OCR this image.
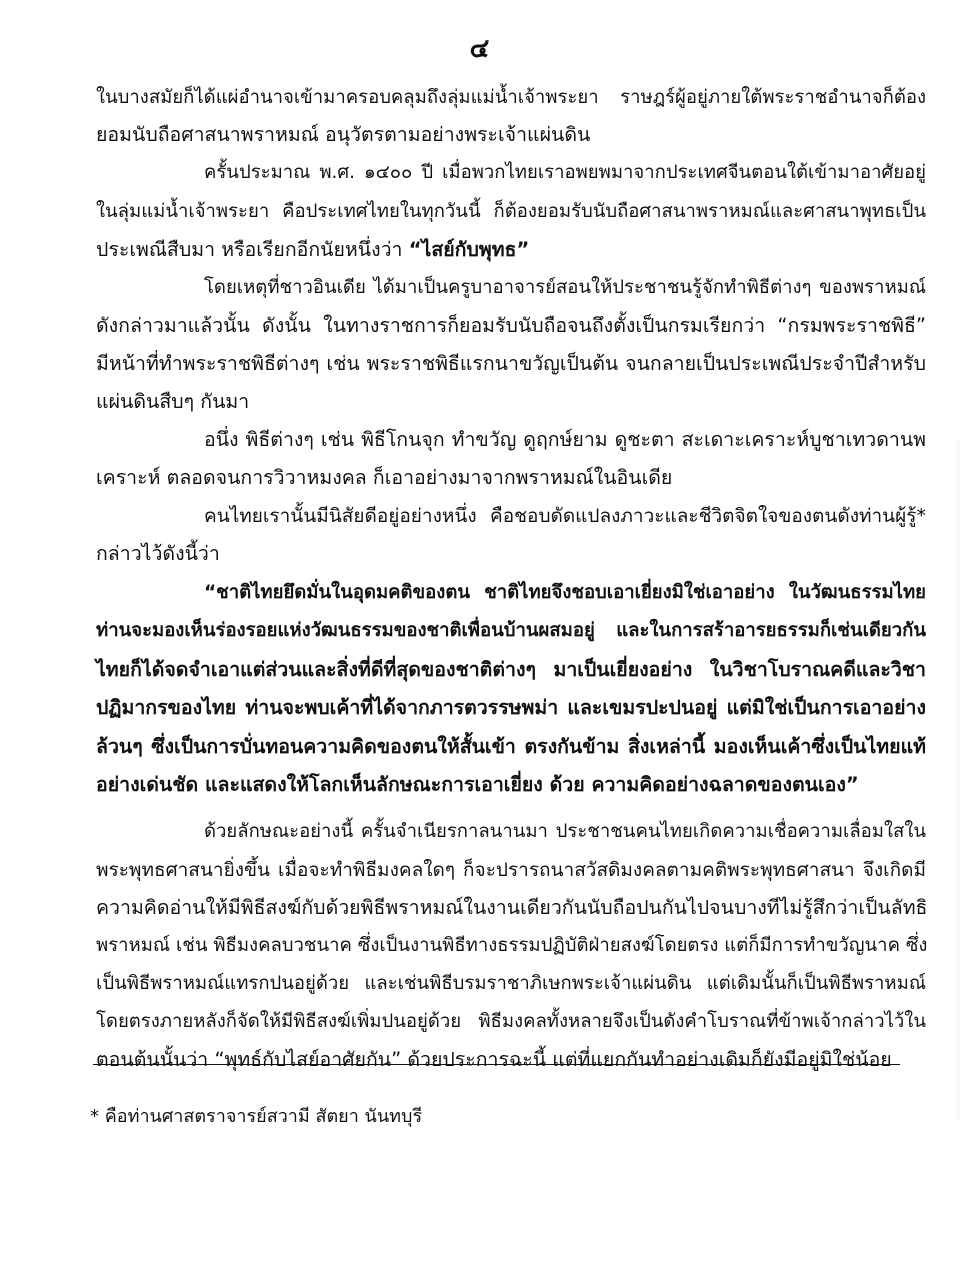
๔
ในบางสมัยก็ได้แผ่อำนาจเข้ามาครอบคลุมถึงลุ่มแม่น้ำเจ้าพระยา ราษฎร์ผู้อยู่ภายใต้พระราชอำนาจก็ต้อง
ยอมนับถือศาสนาพราหมณ์ อนุวัตรตามอย่างพระเจ้าแผ่นดิน
ครั้นประมาณ พ.ศ. ๑๔๐๐ ปี เมื่อพวกไทยเราอพยพมาจากประเทศจีนตอนใต้เข้ามาอาศัยอยู่
ในลุ่มแม่น้ำเจ้าพระยา คือประเทศไทยในทุกวันนี้ ก็ต้องยอมรับนับถือศาสนาพราหมณ์และศาสนาพุทธเป็น
ประเพณีสืบมา หรือเรียกอีกนัยหนึ่งว่า “ไสย์กับพุทธ”
โดยเหตุที่ชาวอินเดีย ได้มาเป็นครูบาอาจารย์สอนให้ประชาชนรู้จักทำพิธีต่างๆ ของพราหมณ์
ดังกล่าวมาแล้วนั้น ดังนั้น ในทางราชการก็ยอมรับนับถือจนถึงตั้งเป็นกรมเรียกว่า “กรมพระราชพิธี”
มีหน้าที่ทำพระราชพิธีต่างๆ เช่น พระราชพิธีแรกนาขวัญเป็นต้น จนกลายเป็นประเพณีประจำปีสำหรับ
แผ่นดินสืบๆ กันมา
อนึ่ง พิธีต่างๆ เช่น พิธีโกนจุก ทำขวัญ ดูฤกษ์ยาม ดูชะตา สะเดาะเคราะห์บูชาเทวดานพ
เคราะห์ ตลอดจนการวิวาหมงคล ก็เอาอย่างมาจากพราหมณ์ในอินเดีย
คนไทยเรานั้นมีนิสัยดีอยู่อย่างหนึ่ง คือชอบดัดแปลงภาวะและชีวิตจิตใจของตนดังท่านผู้รู้*
กล่าวไว้ดังนี้ว่า
“ชาติไทยยึดมั่นในอุดมคติของตน ชาติไทยจึงชอบเอาเยี่ยงมิใช่เอาอย่าง ในวัฒนธรรมไทย
ท่านจะมองเห็นร่องรอยแห่งวัฒนธรรมของชาติเพื่อนบ้านผสมอยู่ และในการสร้าอารยธรรมก็เช่นเดียวกัน
ไทยก็ได้จดจำเอาแต่ส่วนและสิ่งที่ดีที่สุดของชาติต่างๆ มาเป็นเยี่ยงอย่าง ในวิชาโบราณคดีและวิชา
ปฏิมากรของไทย ท่านจะพบเค้าที่ได้จากภารตวรรษพม่า และเขมรปะปนอยู่ แต่มิใช่เป็นการเอาอย่าง
ล้วนๆ ซึ่งเป็นการบั่นทอนความคิดของตนให้สั้นเข้า ตรงกันข้าม สิ่งเหล่านี้ มองเห็นเค้าซึ่งเป็นไทยแท้
อย่างเด่นชัด และแสดงให้โลกเห็นลักษณะการเอาเยี่ยง ด้วย ความคิดอย่างฉลาดของตนเอง”
ด้วยลักษณะอย่างนี้ ครั้นจำเนียรกาลนานมา ประชาชนคนไทยเกิดความเชื่อความเลื่อมใสใน
พระพุทธศาสนายิ่งขึ้น เมื่อจะทำพิธีมงคลใดๆ ก็จะปรารถนาสวัสดิมงคลตามคติพระพุทธศาสนา จึงเกิดมี
ความคิดอ่านให้มีพิธีสงฆ์กับด้วยพิธีพราหมณ์ในงานเดียวกันนับถือปนกันไปจนบางทีไม่รู้สึกว่าเป็นลัทธิ
พราหมณ์ เช่น พิธีมงคลบวชนาค ซึ่งเป็นงานพิธีทางธรรมปฏิบัติฝ่ายสงฆ์โดยตรง แต่ก็มีการทำขวัญนาค ซึ่ง
เป็นพิธีพราหมณ์แทรกปนอยู่ด้วย และเช่นพิธีบรมราชาภิเษกพระเจ้าแผ่นดิน แต่เดิมนั้นก็เป็นพิธีพราหมณ์
โดยตรงภายหลังก็จัดให้มีพิธีสงฆ์เพิ่มปนอยู่ด้วย พิธีมงคลทั้งหลายจึงเป็นดังคำโบราณที่ข้าพเจ้ากล่าวไว้ใน
ตอนต้นนั้นว่า “พุทธ์กับไสย์อาศัยกัน” ด้วยประการฉะนี้ แต่ที่แยกกันทำอย่างเดิมก็ยังมีอยู่มิใช่น้อย
* คือท่านศาสตราจารย์สวามี สัตยา นันทบุรี
